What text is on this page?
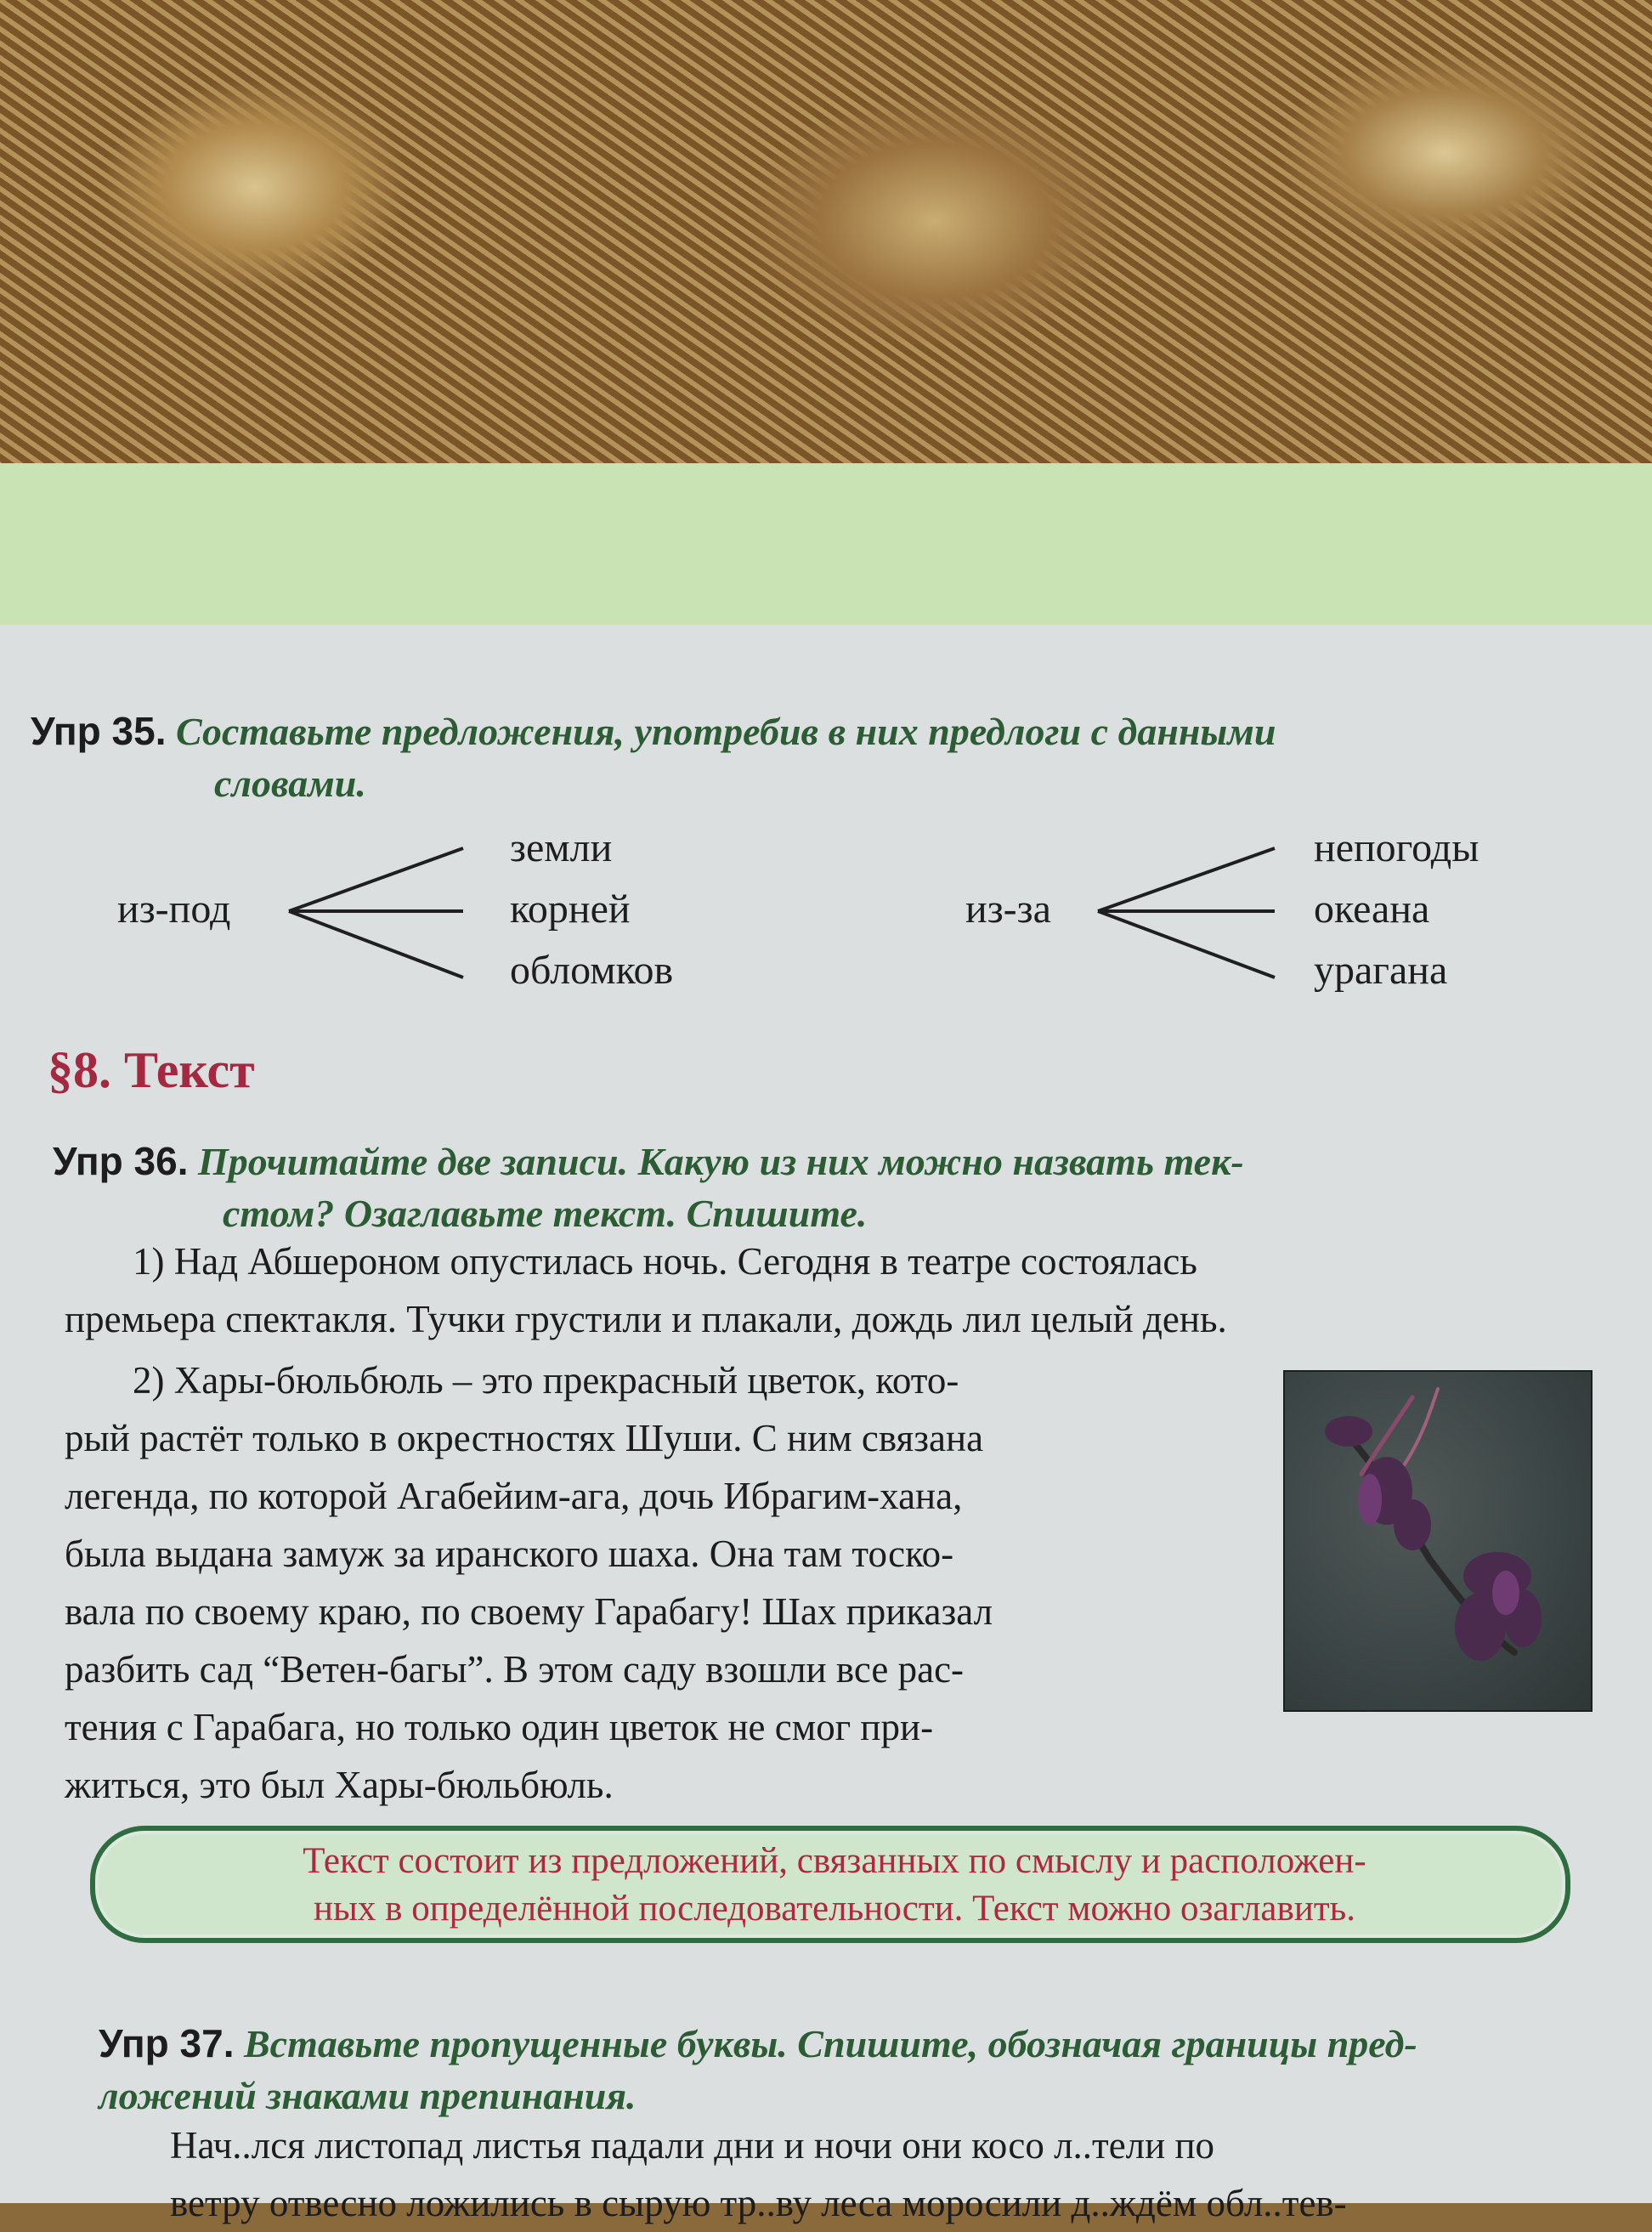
Упр 35. Составьте предложения, употребив в них предлоги с данными
словами.
из-под
земли
корней
обломков
из-за
непогоды
океана
урагана
§8. Текст
Упр 36. Прочитайте две записи. Какую из них можно назвать тек-
стом? Озаглавьте текст. Спишите.
1) Над Абшероном опустилась ночь. Сегодня в театре состоялась
премьера спектакля. Тучки грустили и плакали, дождь лил целый день.
2) Хары-бюльбюль – это прекрасный цветок, кото-
рый растёт только в окрестностях Шуши. С ним связана
легенда, по которой Агабейим-ага, дочь Ибрагим-хана,
была выдана замуж за иранского шаха. Она там тоско-
вала по своему краю, по своему Гарабагу! Шах приказал
разбить сад “Ветен-багы”. В этом саду взошли все рас-
тения с Гарабага, но только один цветок не смог при-
житься, это был Хары-бюльбюль.
Текст состоит из предложений, связанных по смыслу и расположен-
ных в определённой последовательности. Текст можно озаглавить.
Упр 37. Вставьте пропущенные буквы. Спишите, обозначая границы пред-
ложений знаками препинания.
Нач..лся листопад листья падали дни и ночи они косо л..тели по
ветру отвесно ложились в сырую тр..ву леса моросили д..ждём обл..тев-
